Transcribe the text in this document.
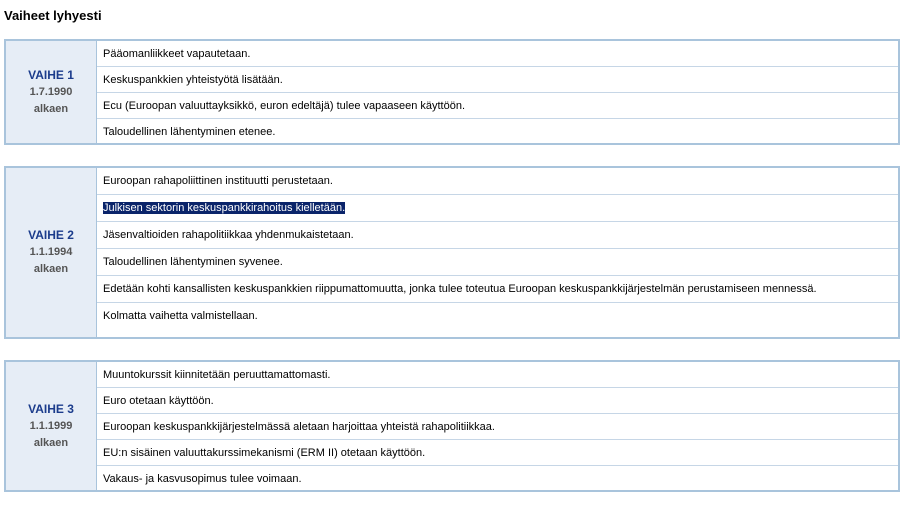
Vaiheet lyhyesti
VAIHE 1
1.7.1990
alkaen
Pääomanliikkeet vapautetaan.
Keskuspankkien yhteistyötä lisätään.
Ecu (Euroopan valuuttayksikkö, euron edeltäjä) tulee vapaaseen käyttöön.
Taloudellinen lähentyminen etenee.
VAIHE 2
1.1.1994
alkaen
Euroopan rahapoliittinen instituutti perustetaan.
Julkisen sektorin keskuspankkirahoitus kielletään.
Jäsenvaltioiden rahapolitiikkaa yhdenmukaistetaan.
Taloudellinen lähentyminen syvenee.
Edetään kohti kansallisten keskuspankkien riippumattomuutta, jonka tulee toteutua Euroopan keskuspankkijärjestelmän perustamiseen mennessä.
Kolmatta vaihetta valmistellaan.
VAIHE 3
1.1.1999
alkaen
Muuntokurssit kiinnitetään peruuttamattomasti.
Euro otetaan käyttöön.
Euroopan keskuspankkijärjestelmässä aletaan harjoittaa yhteistä rahapolitiikkaa.
EU:n sisäinen valuuttakurssimekanismi (ERM II) otetaan käyttöön.
Vakaus- ja kasvusopimus tulee voimaan.
